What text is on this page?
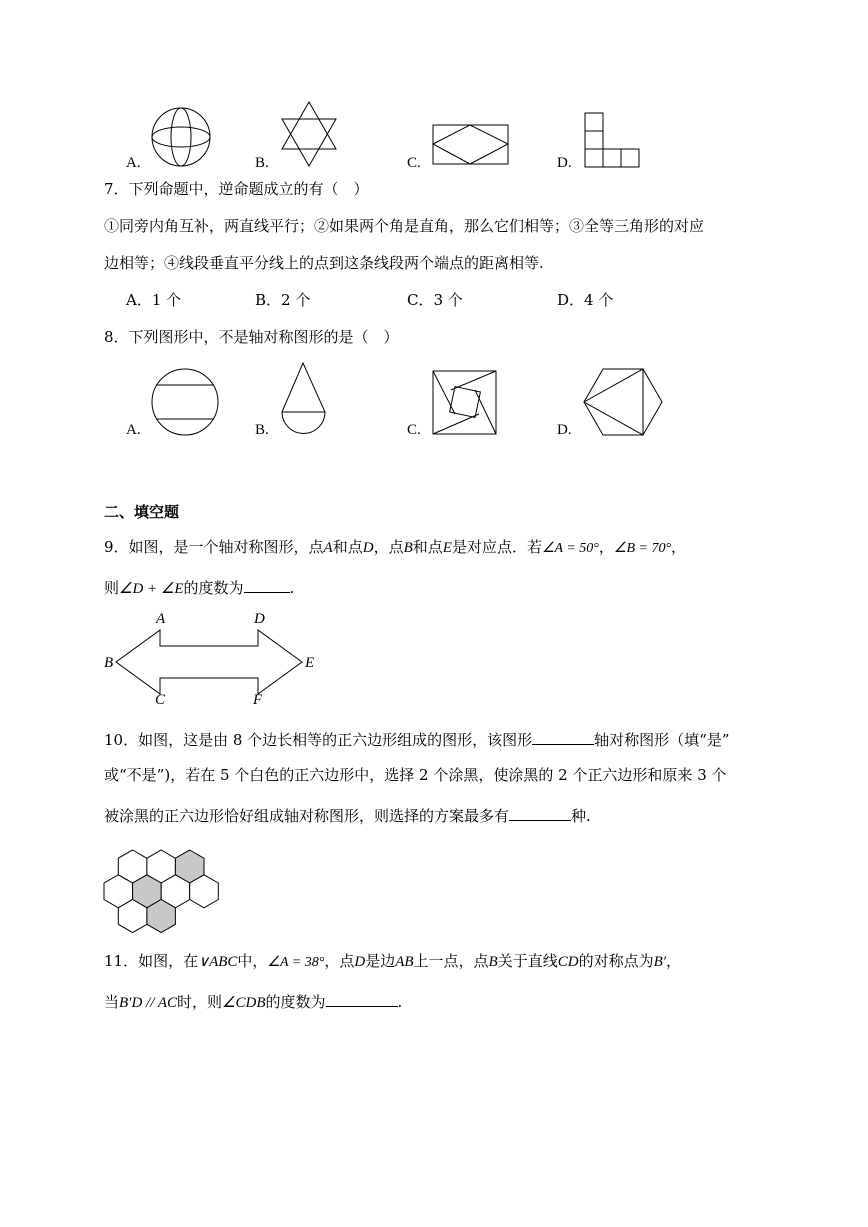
A.	B.	C.	D.
7．下列命题中，逆命题成立的有（　）
①同旁内角互补，两直线平行；②如果两个角是直角，那么它们相等；③全等三角形的对应
边相等；④线段垂直平分线上的点到这条线段两个端点的距离相等.
A．1 个	B．2 个	C．3 个	D．4 个
8．下列图形中，不是轴对称图形的是（　）
A.	B.	C.	D.
二、填空题
9．如图，是一个轴对称图形，点A和点D，点B和点E是对应点．若∠A = 50°，∠B = 70°，
则∠D + ∠E的度数为	.
A	D
B	E
C	F
10．如图，这是由 8 个边长相等的正六边形组成的图形，该图形	轴对称图形（填“是”
或“不是”)，若在 5 个白色的正六边形中，选择 2 个涂黑，使涂黑的 2 个正六边形和原来 3 个
被涂黑的正六边形恰好组成轴对称图形，则选择的方案最多有	种.
11．如图，在∨ABC中，∠A = 38°，点D是边AB上一点，点B关于直线CD的对称点为B′，
当B′D // AC时，则∠CDB的度数为	.
